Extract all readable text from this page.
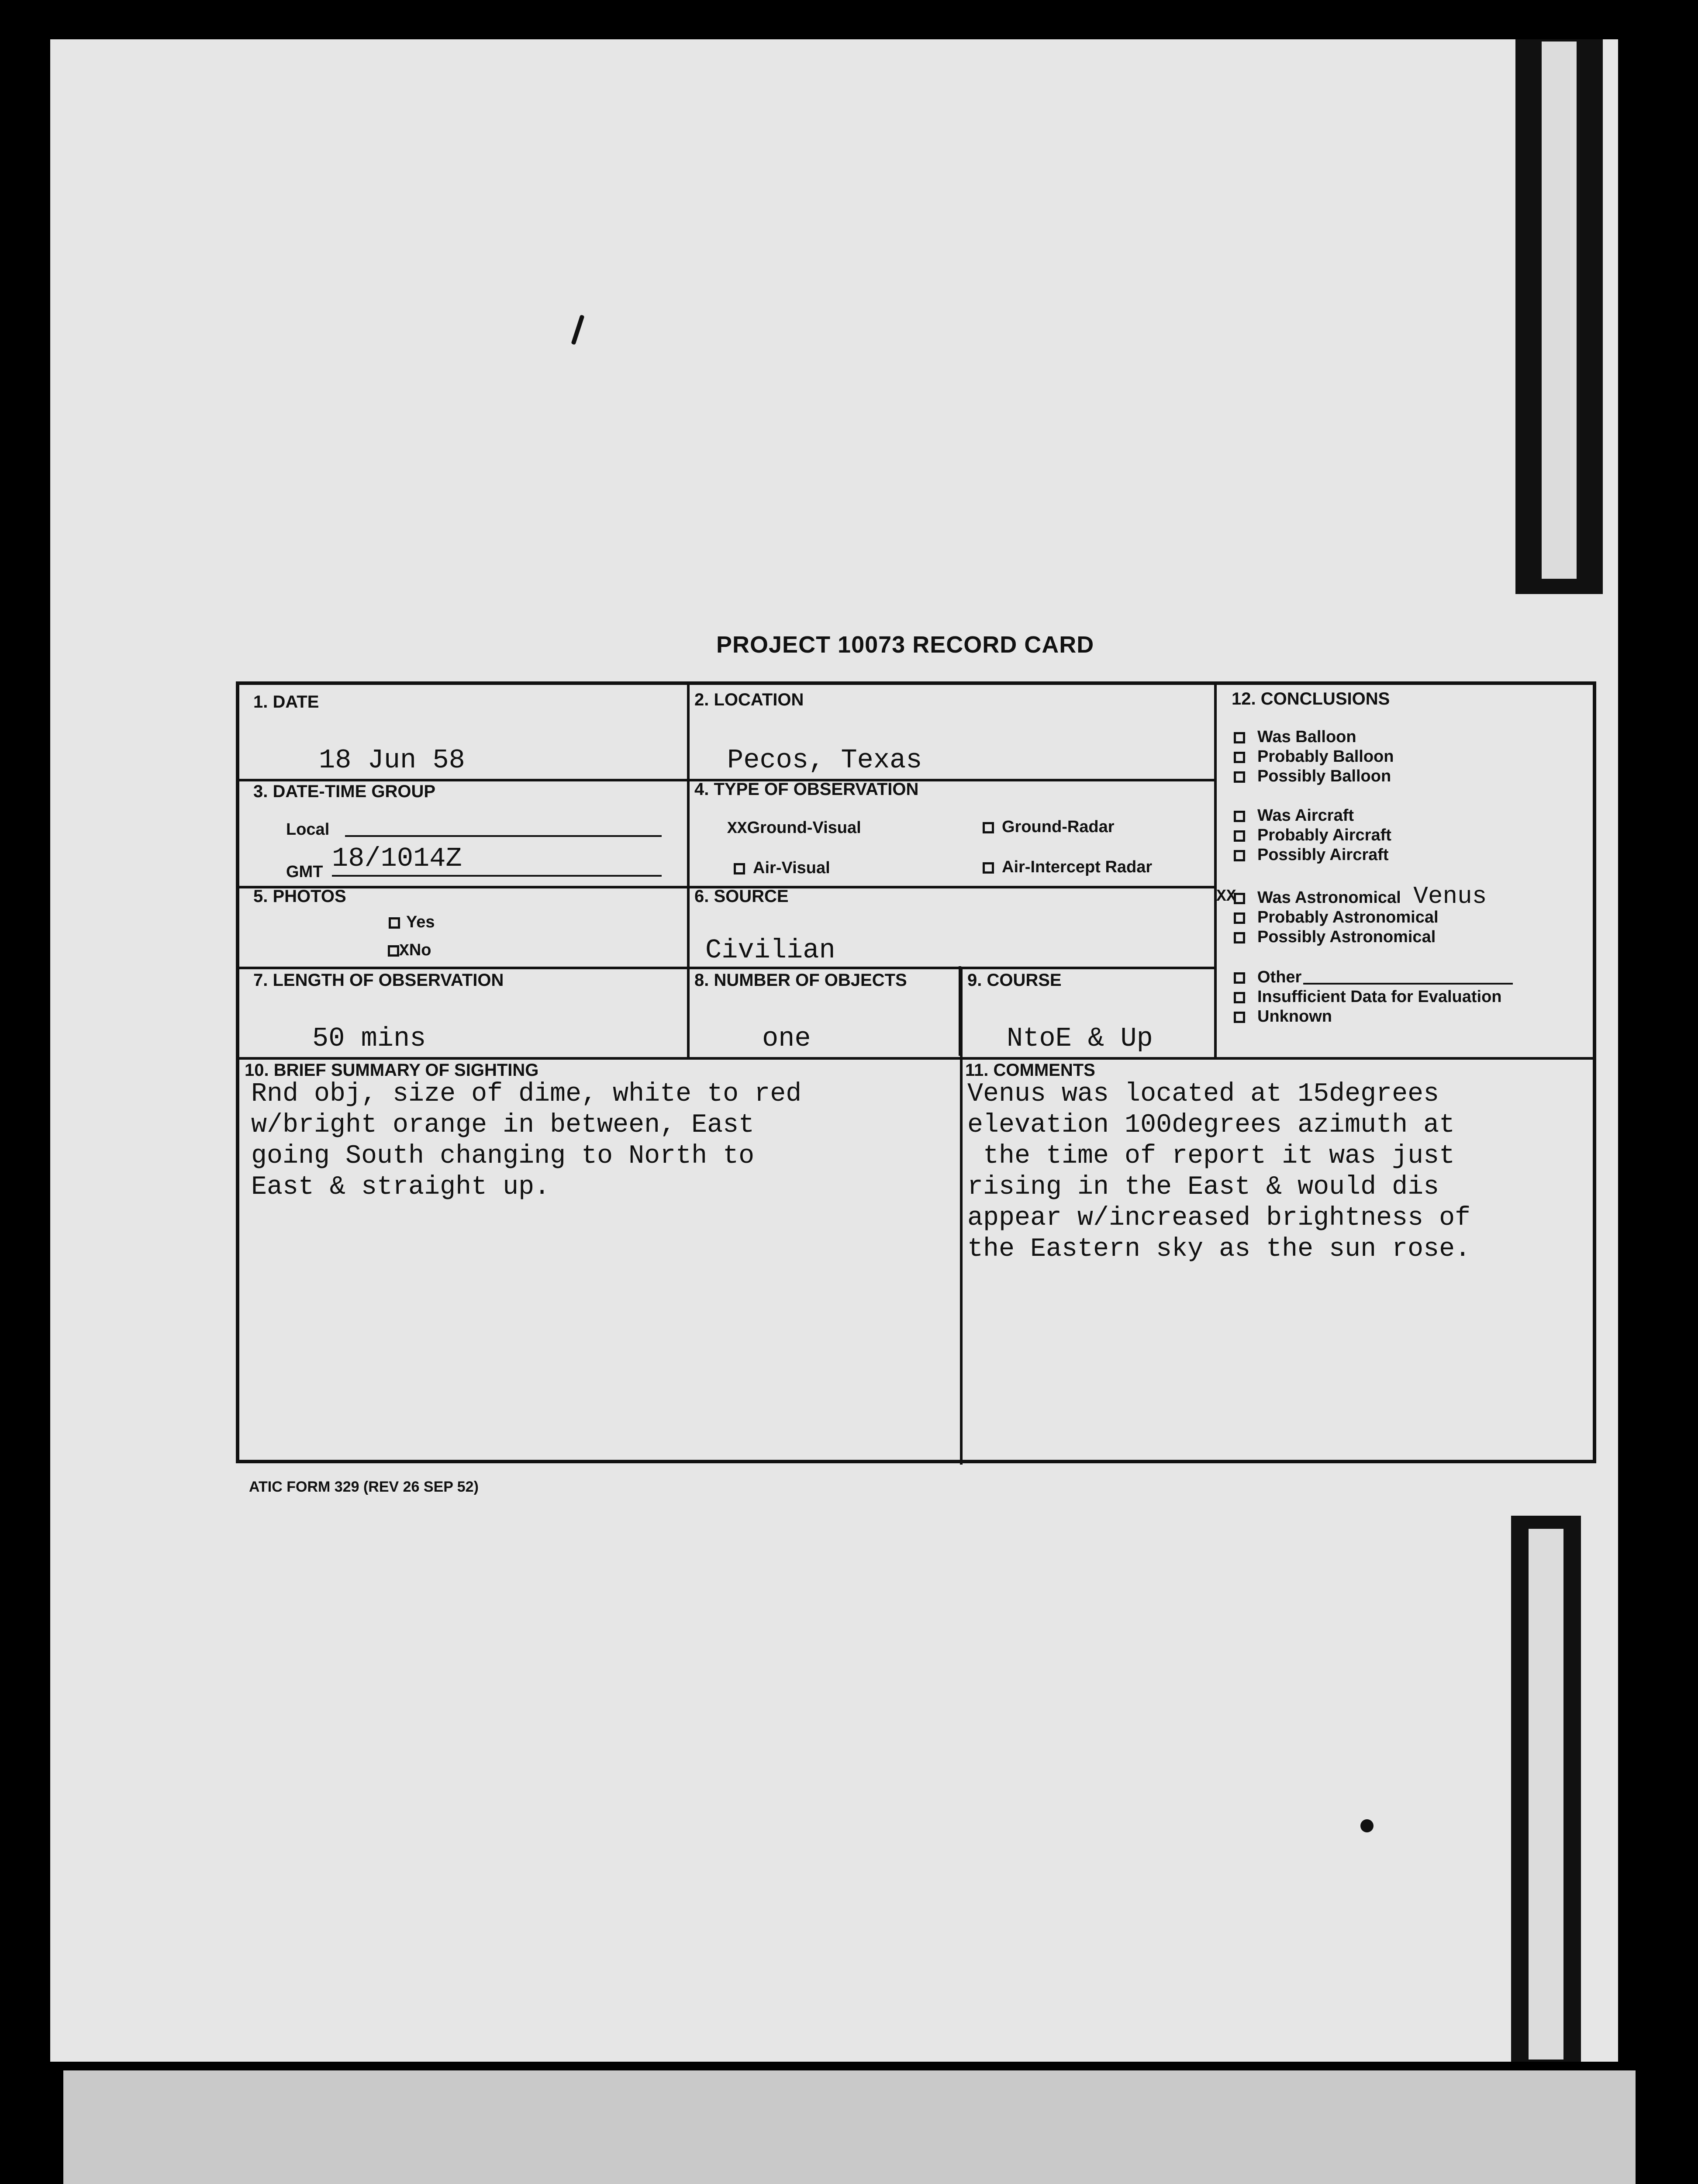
PROJECT 10073 RECORD CARD
1. DATE
18 Jun 58
2. LOCATION
Pecos, Texas
3. DATE-TIME GROUP
Local
GMT 18/1014Z
4. TYPE OF OBSERVATION
XXGround-Visual	Ground-Radar
Air-Visual	Air-Intercept Radar
5. PHOTOS
Yes
XNo
6. SOURCE
Civilian
7. LENGTH OF OBSERVATION
50 mins
8. NUMBER OF OBJECTS
one
9. COURSE
NtoE & Up
10. BRIEF SUMMARY OF SIGHTING
Rnd obj, size of dime, white to red
w/bright orange in between, East
going South changing to North to
East & straight up.
11. COMMENTS
Venus was located at 15degrees
elevation 100degrees azimuth at
the time of report it was just
rising in the East & would dis
appear w/increased brightness of
the Eastern sky as the sun rose.
12. CONCLUSIONS
Was Balloon
Probably Balloon
Possibly Balloon
Was Aircraft
Probably Aircraft
Possibly Aircraft
XX Was Astronomical Venus
Probably Astronomical
Possibly Astronomical
Other
Insufficient Data for Evaluation
Unknown
ATIC FORM 329 (REV 26 SEP 52)
